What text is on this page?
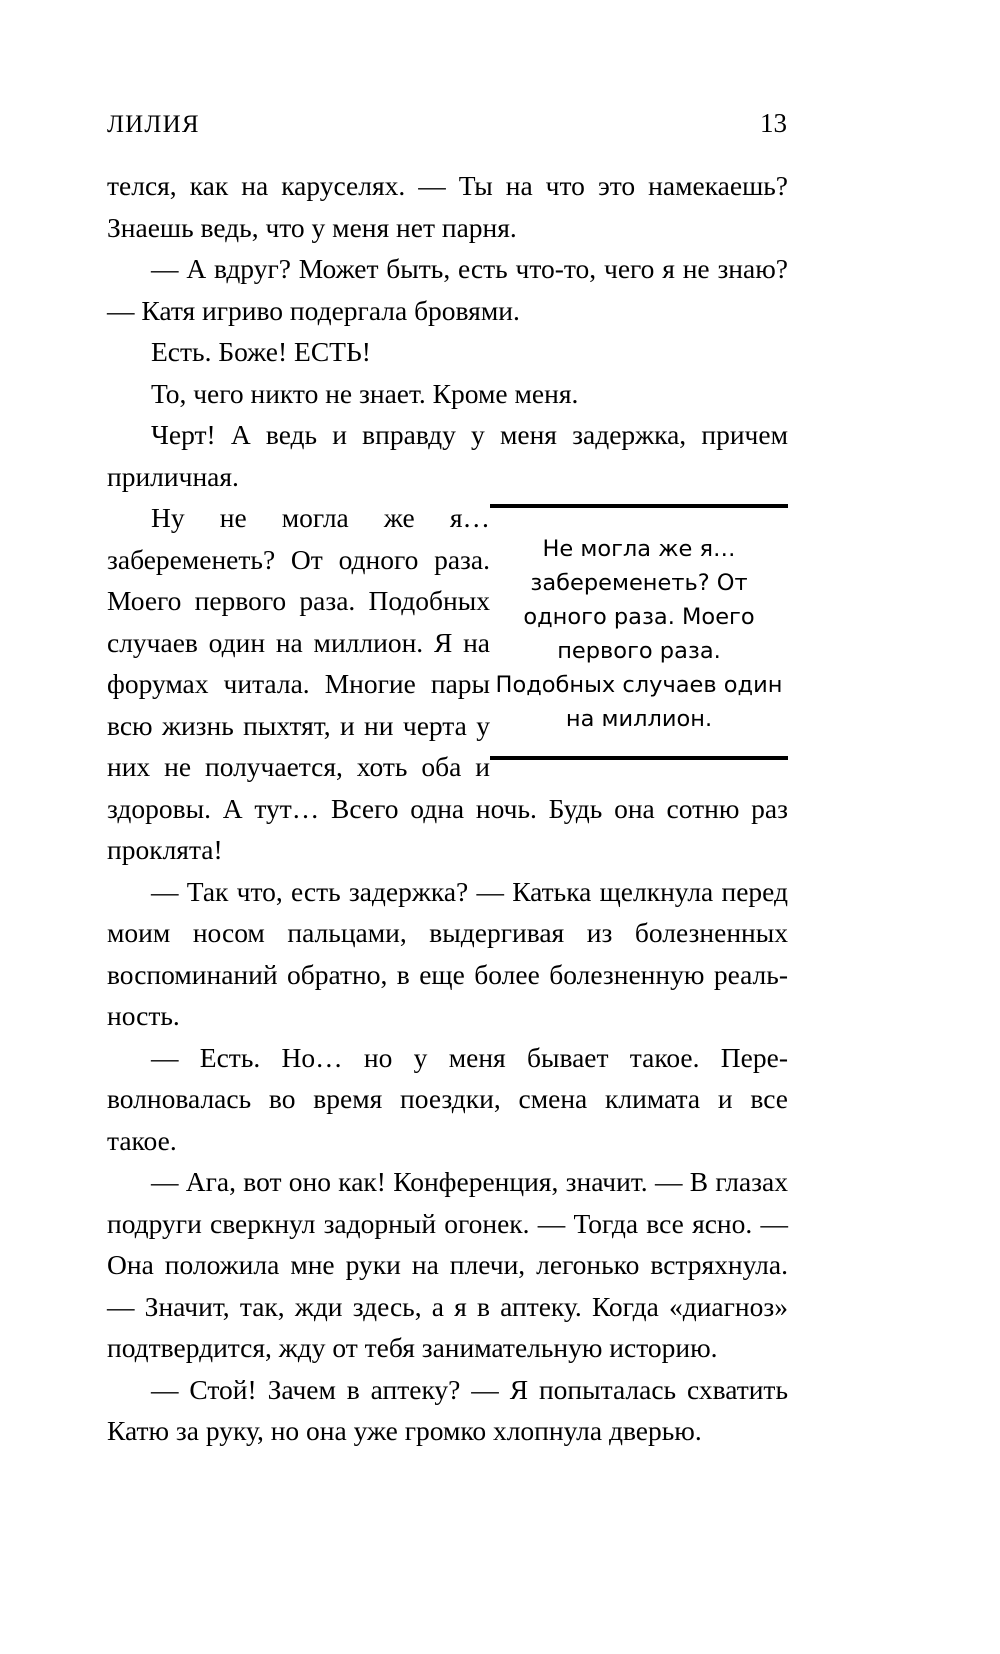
ЛИЛИЯ	13

телся, как на каруселях. — Ты на что это намекаешь? Знаешь ведь, что у меня нет парня.

— А вдруг? Может быть, есть что-то, чего я не знаю? — Катя игриво подергала бровями.

Есть. Боже! ЕСТЬ!

То, чего никто не знает. Кроме меня.

Черт! А ведь и вправду у меня задержка, причем приличная.

Не могла же я… забеременеть? От одного раза. Моего первого раза. Подобных случаев один на миллион.

Ну не могла же я… забеременеть? От одного раза. Моего первого раза. Подобных случаев один на миллион. Я на форумах читала. Многие пары всю жизнь пыхтят, и ни черта у них не получается, хоть оба и здоровы. А тут… Всего одна ночь. Будь она сотню раз проклята!

— Так что, есть задержка? — Катька щелкнула перед моим носом пальцами, выдергивая из болезненных воспоминаний обратно, в еще более болезненную реальность.

— Есть. Но… но у меня бывает такое. Переволновалась во время поездки, смена климата и все такое.

— Ага, вот оно как! Конференция, значит. — В глазах подруги сверкнул задорный огонек. — Тогда все ясно. — Она положила мне руки на плечи, легонько встряхнула. — Значит, так, жди здесь, а я в аптеку. Когда «диагноз» подтвердится, жду от тебя занимательную историю.

— Стой! Зачем в аптеку? — Я попыталась схватить Катю за руку, но она уже громко хлопнула дверью.
